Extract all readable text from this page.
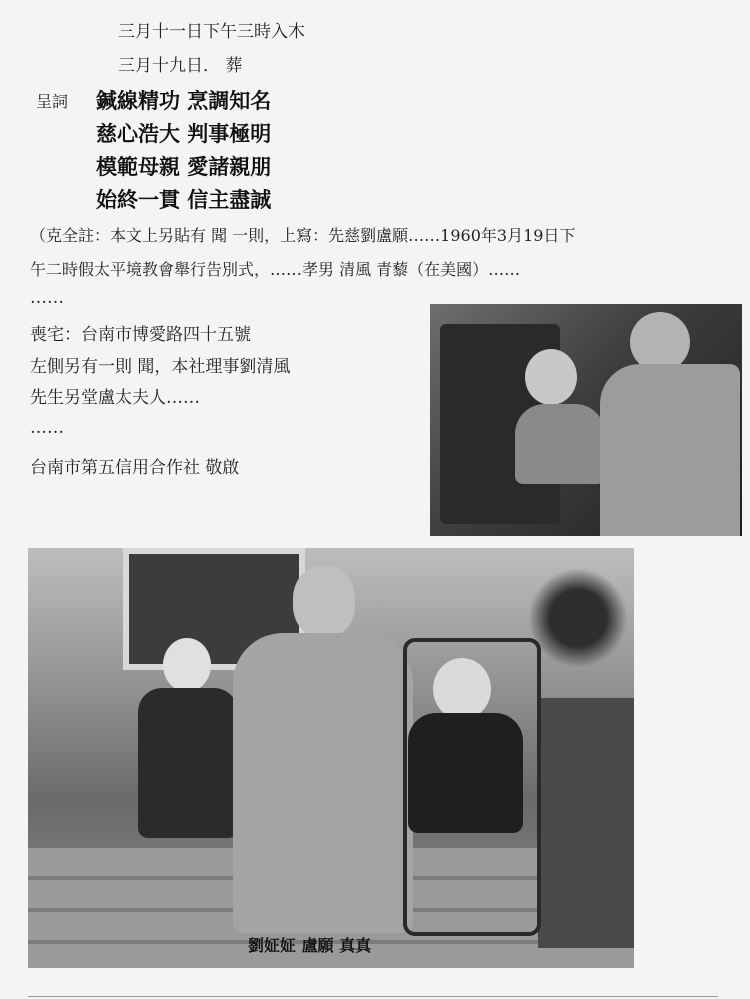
三月十一日下午三時入木
三月十九日． 葬
呈詞 鍼線精功 烹調知名
慈心浩大 判事極明
模範母親 愛諸親朋
始終一貫 信主盡誠
（克全註：本文上另貼有 聞 一則，上寫：先慈劉盧願……1960年3月19日下
午二時假太平境教會舉行告別式，……孝男 清風 青藜（在美國）……
……
喪宅：台南市博愛路四十五號
左側另有一則 聞，本社理事劉清風
先生另堂盧太夫人……
……
台南市第五信用合作社 敬啟
劉姃姃 盧願 真真
